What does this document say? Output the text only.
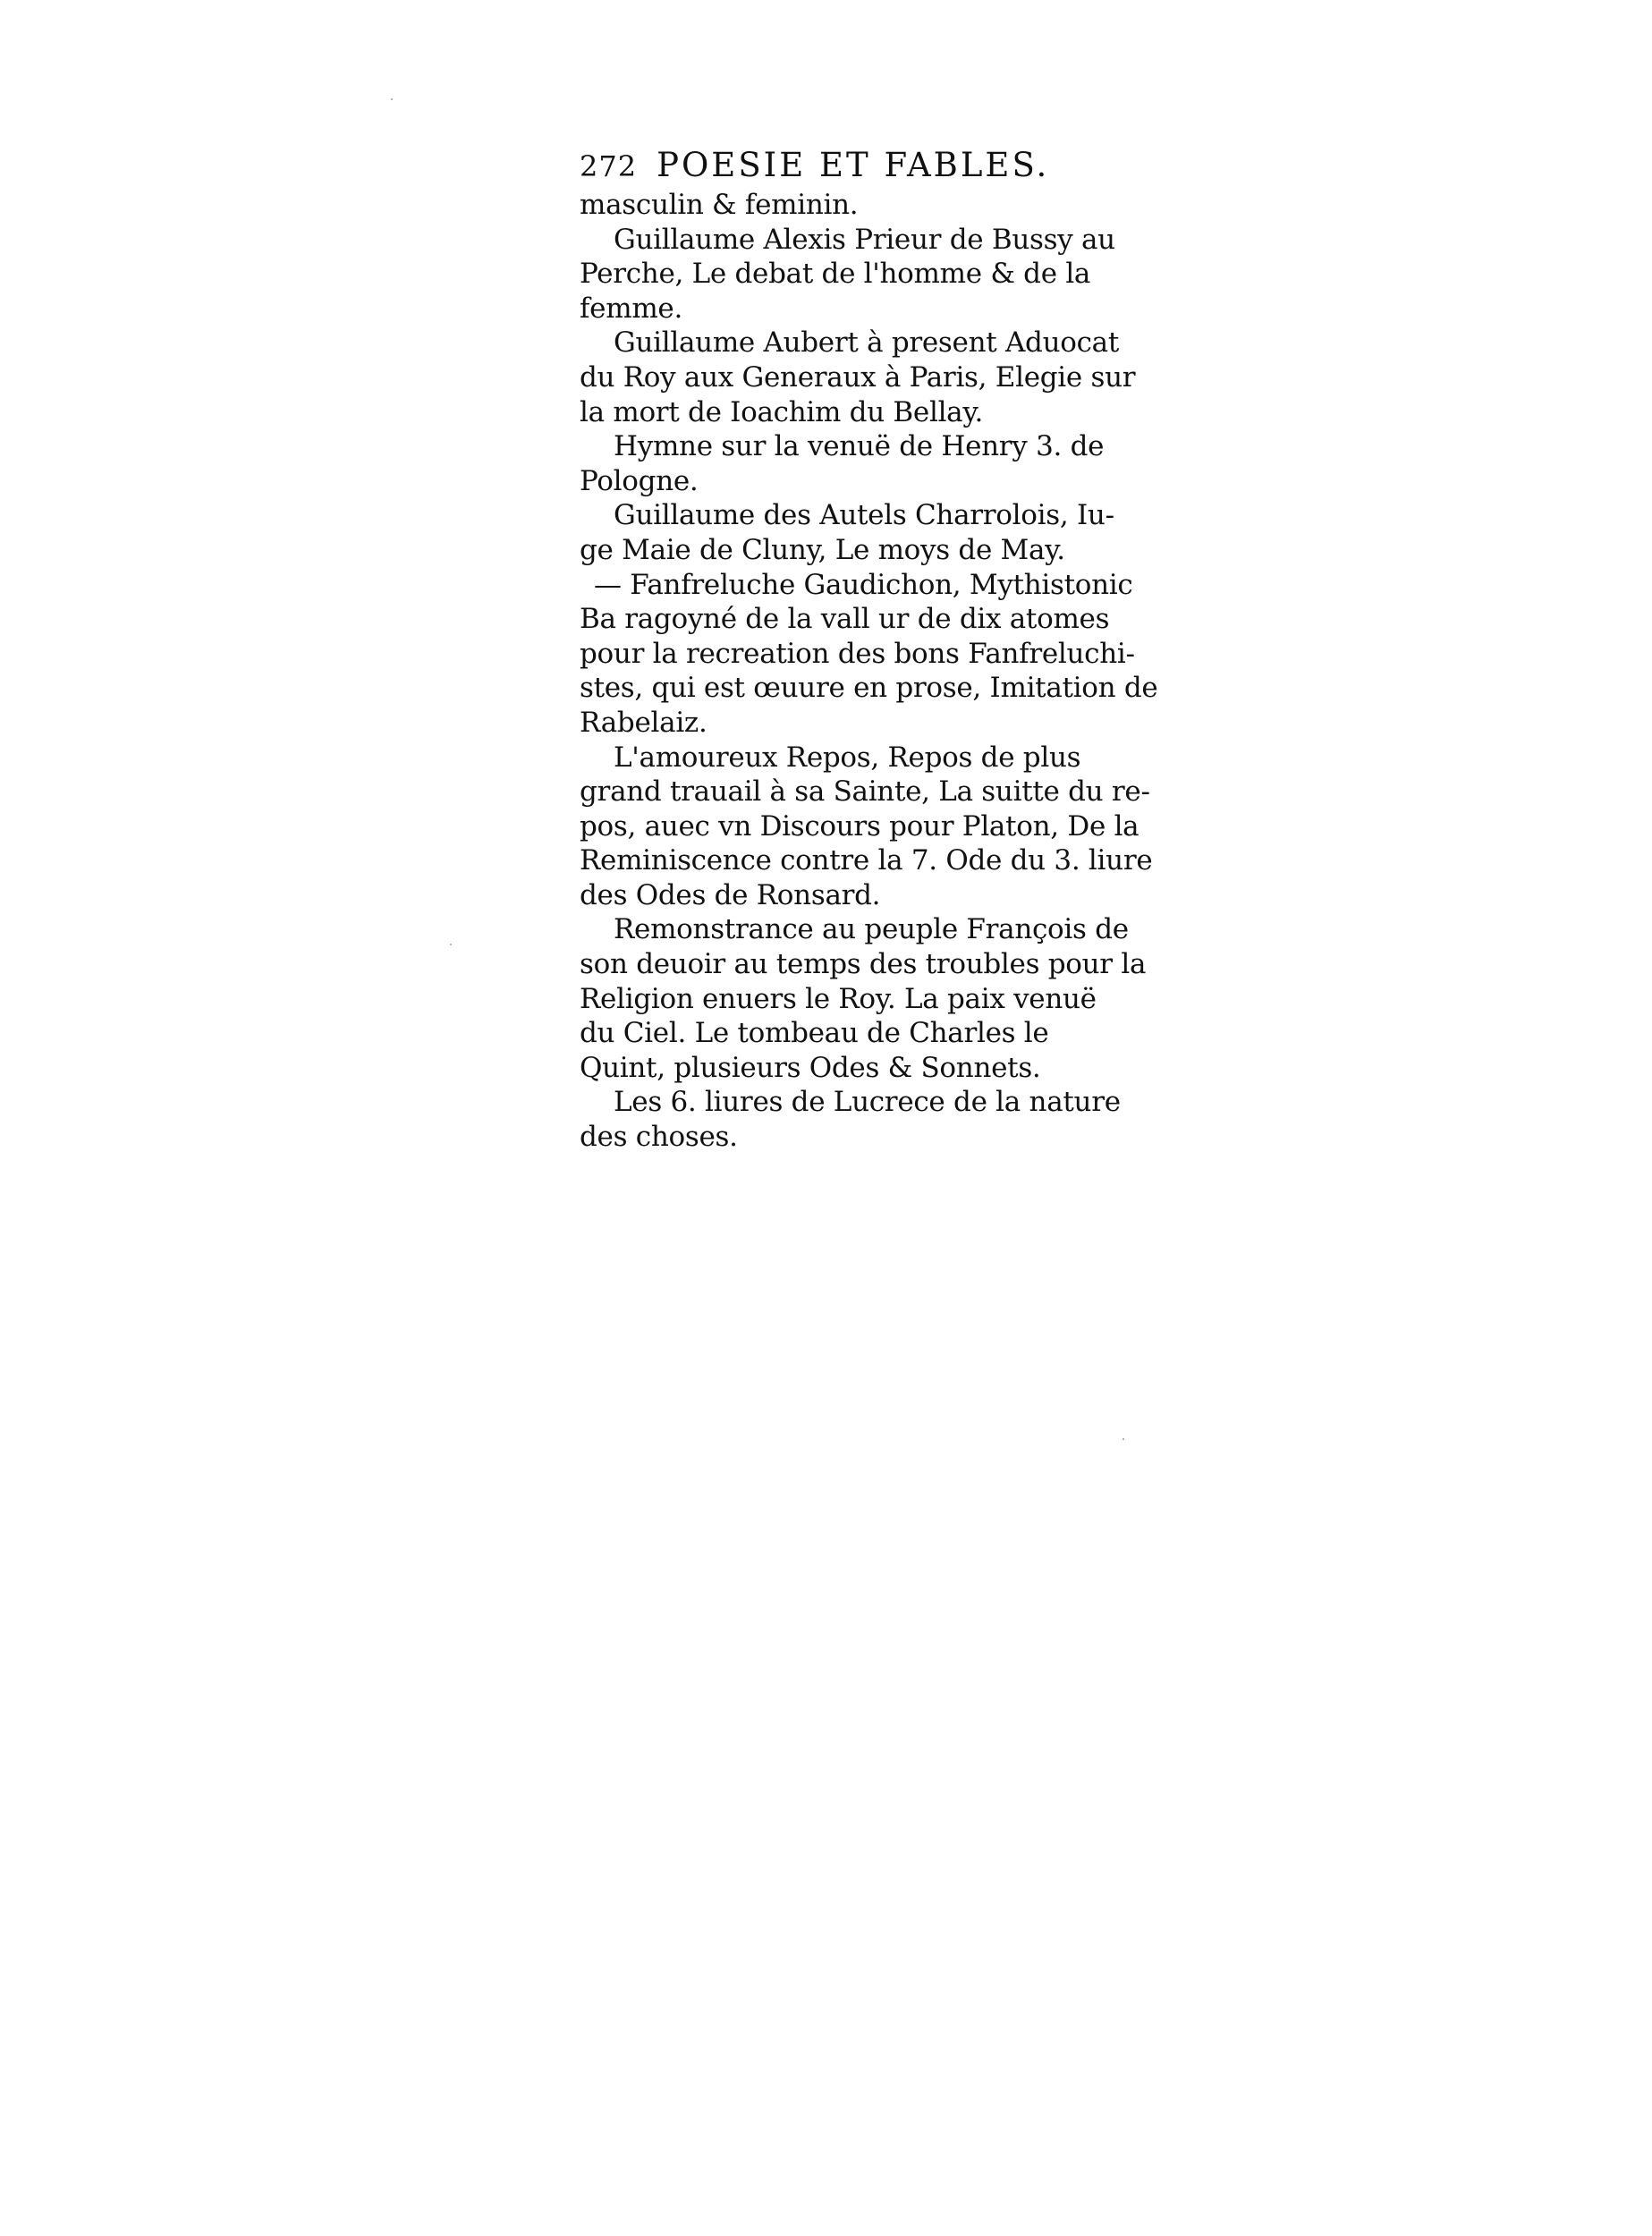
272 POESIE ET FABLES.
masculin & feminin.
Guillaume Alexis Prieur de Bussy au
Perche, Le debat de l'homme & de la
femme.
Guillaume Aubert à present Aduocat
du Roy aux Generaux à Paris, Elegie sur
la mort de Ioachim du Bellay.
Hymne sur la venuë de Henry 3. de
Pologne.
Guillaume des Autels Charrolois, Iu-
ge Maie de Cluny, Le moys de May.
— Fanfreluche Gaudichon, Mythistonic
Ba ragoyné de la vall ur de dix atomes
pour la recreation des bons Fanfreluchi-
stes, qui est œuure en prose, Imitation de
Rabelaiz.
L'amoureux Repos, Repos de plus
grand trauail à sa Sainte, La suitte du re-
pos, auec vn Discours pour Platon, De la
Reminiscence contre la 7. Ode du 3. liure
des Odes de Ronsard.
Remonstrance au peuple François de
son deuoir au temps des troubles pour la
Religion enuers le Roy. La paix venuë
du Ciel. Le tombeau de Charles le
Quint, plusieurs Odes & Sonnets.
Les 6. liures de Lucrece de la nature
des choses.
